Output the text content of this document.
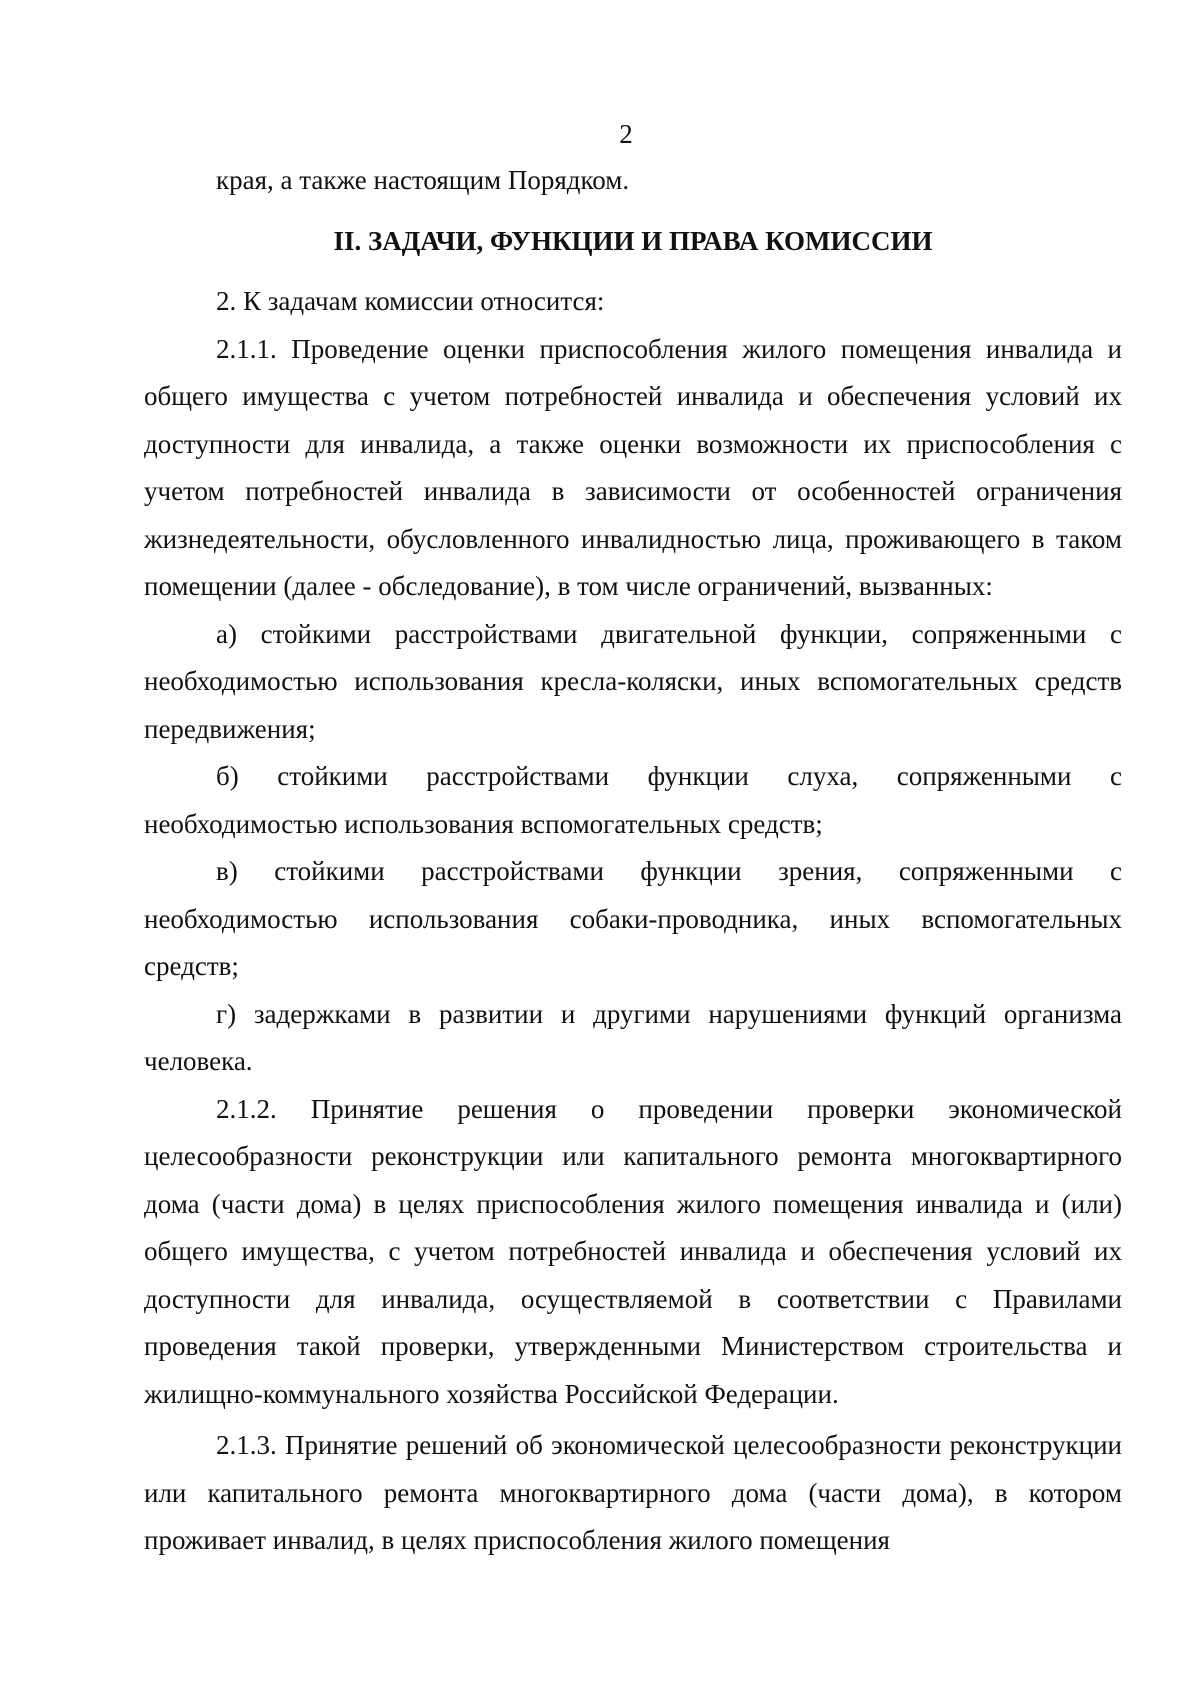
2

края, а также настоящим Порядком.

II. ЗАДАЧИ, ФУНКЦИИ И ПРАВА КОМИССИИ

2. К задачам комиссии относится:

2.1.1. Проведение оценки приспособления жилого помещения инвалида и общего имущества с учетом потребностей инвалида и обеспечения условий их доступности для инвалида, а также оценки возможности их приспособления с учетом потребностей инвалида в зависимости от особенностей ограничения жизнедеятельности, обусловленного инвалидностью лица, проживающего в таком помещении (далее - обследование), в том числе ограничений, вызванных:

а) стойкими расстройствами двигательной функции, сопряженными с необходимостью использования кресла-коляски, иных вспомогательных средств передвижения;

б) стойкими расстройствами функции слуха, сопряженными с необходимостью использования вспомогательных средств;

в) стойкими расстройствами функции зрения, сопряженными с необходимостью использования собаки-проводника, иных вспомогательных средств;

г) задержками в развитии и другими нарушениями функций организма человека.

2.1.2. Принятие решения о проведении проверки экономической целесообразности реконструкции или капитального ремонта многоквартирного дома (части дома) в целях приспособления жилого помещения инвалида и (или) общего имущества, с учетом потребностей инвалида и обеспечения условий их доступности для инвалида, осуществляемой в соответствии с Правилами проведения такой проверки, утвержденными Министерством строительства и жилищно-коммунального хозяйства Российской Федерации.

2.1.3. Принятие решений об экономической целесообразности реконструкции или капитального ремонта многоквартирного дома (части дома), в котором проживает инвалид, в целях приспособления жилого помещения
